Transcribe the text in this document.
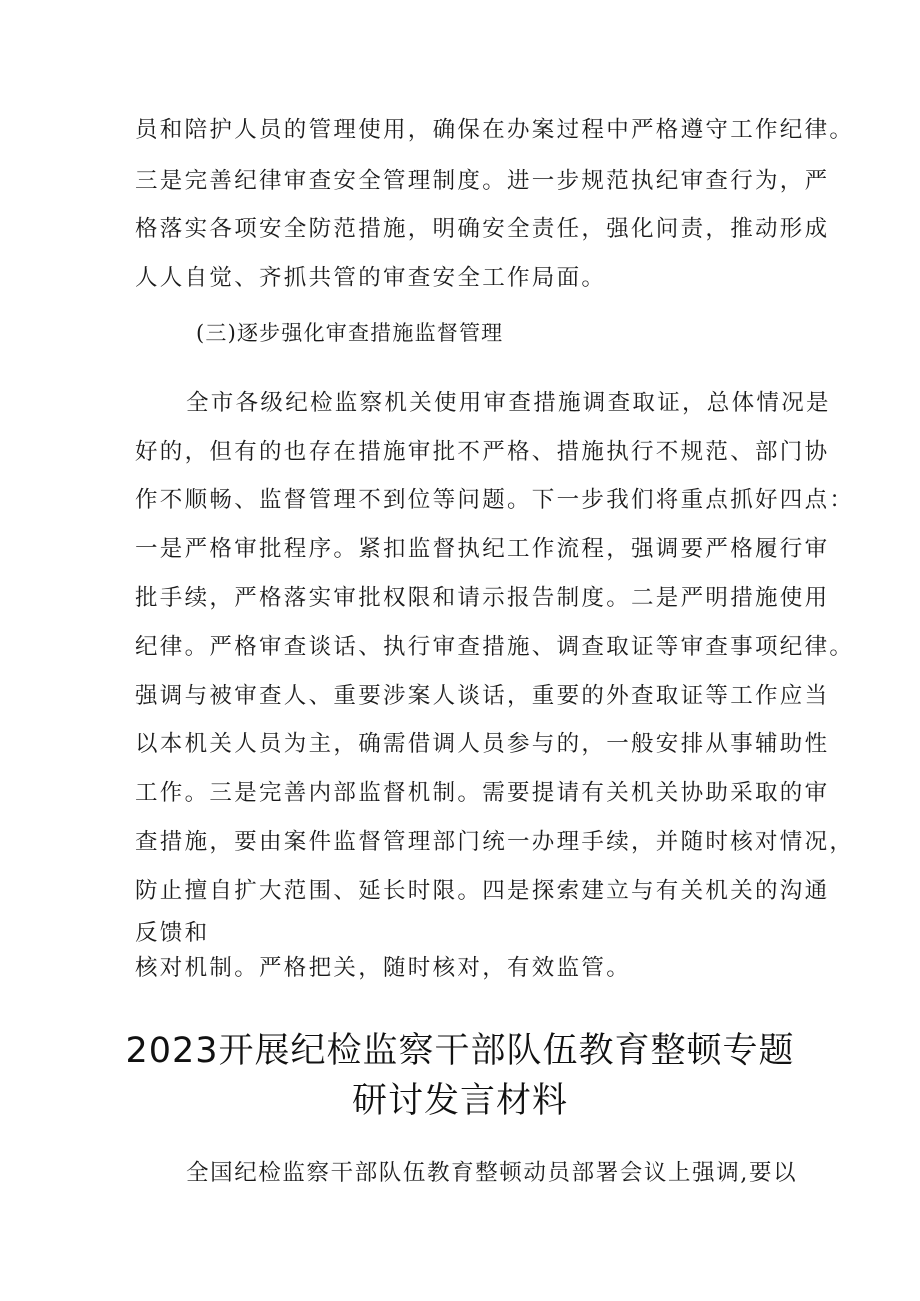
员和陪护人员的管理使用，确保在办案过程中严格遵守工作纪律。
三是完善纪律审查安全管理制度。进一步规范执纪审查行为，严
格落实各项安全防范措施，明确安全责任，强化问责，推动形成
人人自觉、齐抓共管的审查安全工作局面。
(三)逐步强化审查措施监督管理
全市各级纪检监察机关使用审查措施调查取证，总体情况是
好的，但有的也存在措施审批不严格、措施执行不规范、部门协
作不顺畅、监督管理不到位等问题。下一步我们将重点抓好四点：
一是严格审批程序。紧扣监督执纪工作流程，强调要严格履行审
批手续，严格落实审批权限和请示报告制度。二是严明措施使用
纪律。严格审查谈话、执行审查措施、调查取证等审查事项纪律。
强调与被审查人、重要涉案人谈话，重要的外查取证等工作应当
以本机关人员为主，确需借调人员参与的，一般安排从事辅助性
工作。三是完善内部监督机制。需要提请有关机关协助采取的审
查措施，要由案件监督管理部门统一办理手续，并随时核对情况，
防止擅自扩大范围、延长时限。四是探索建立与有关机关的沟通
反馈和
核对机制。严格把关，随时核对，有效监管。
2023开展纪检监察干部队伍教育整顿专题
研讨发言材料
全国纪检监察干部队伍教育整顿动员部署会议上强调,要以
